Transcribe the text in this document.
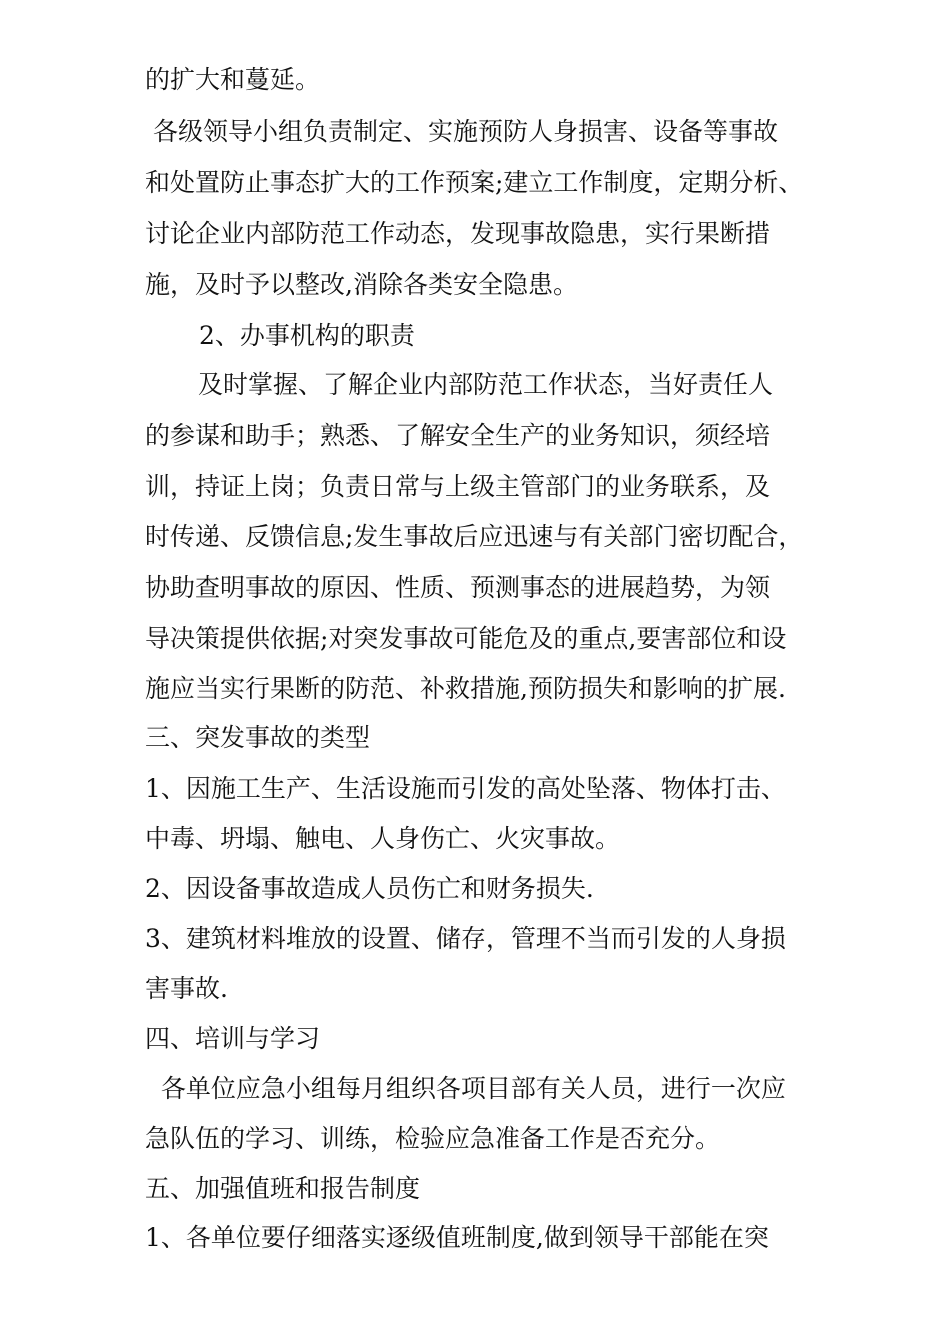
的扩大和蔓延。
各级领导小组负责制定、实施预防人身损害、设备等事故
和处置防止事态扩大的工作预案;建立工作制度，定期分析、
讨论企业内部防范工作动态，发现事故隐患，实行果断措
施，及时予以整改,消除各类安全隐患。
2、办事机构的职责
及时掌握、了解企业内部防范工作状态，当好责任人
的参谋和助手；熟悉、了解安全生产的业务知识，须经培
训，持证上岗；负责日常与上级主管部门的业务联系，及
时传递、反馈信息;发生事故后应迅速与有关部门密切配合，
协助查明事故的原因、性质、预测事态的进展趋势，为领
导决策提供依据;对突发事故可能危及的重点,要害部位和设
施应当实行果断的防范、补救措施,预防损失和影响的扩展.
三、突发事故的类型
1、因施工生产、生活设施而引发的高处坠落、物体打击、
中毒、坍塌、触电、人身伤亡、火灾事故。
2、因设备事故造成人员伤亡和财务损失.
3、建筑材料堆放的设置、储存，管理不当而引发的人身损
害事故.
四、培训与学习
各单位应急小组每月组织各项目部有关人员，进行一次应
急队伍的学习、训练，检验应急准备工作是否充分。
五、加强值班和报告制度
1、各单位要仔细落实逐级值班制度,做到领导干部能在突
